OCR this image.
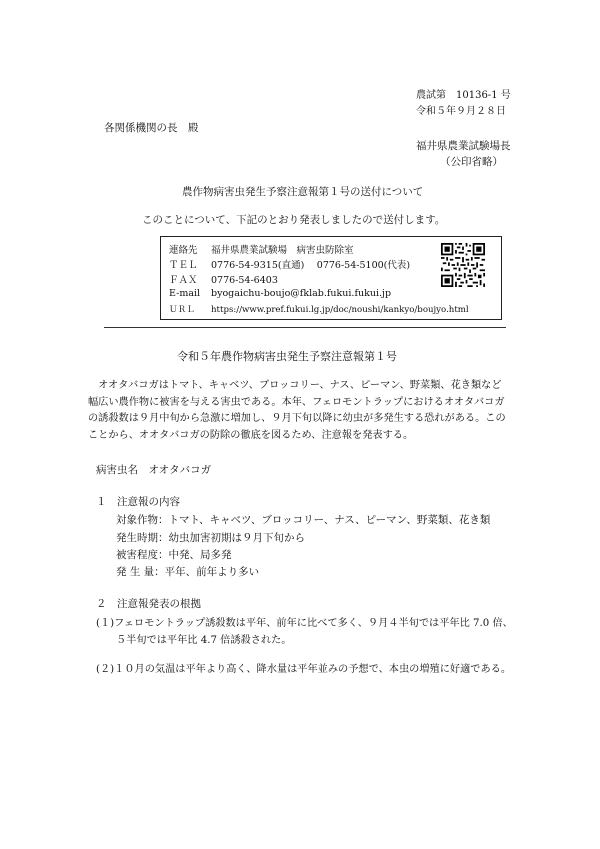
農試第　10136-1 号
令和５年９月２８日
各関係機関の長　殿
福井県農業試験場長
（公印省略）
農作物病害虫発生予察注意報第１号の送付について
このことについて、下記のとおり発表しましたので送付します。
連絡先 福井県農業試験場　病害虫防除室
ＴＥＬ 0776-54-9315(直通)　 0776-54-5100(代表)
ＦＡＸ 0776-54-6403
E-mail byogaichu-boujo@fklab.fukui.fukui.jp
ＵＲＬ https://www.pref.fukui.lg.jp/doc/noushi/kankyo/boujyo.html
令和５年農作物病害虫発生予察注意報第１号
オオタバコガはトマト、キャベツ、ブロッコリー、ナス、ピーマン、野菜類、花き類など幅広い農作物に被害を与える害虫である。本年、フェロモントラップにおけるオオタバコガの誘殺数は９月中旬から急激に増加し、９月下旬以降に幼虫が多発生する恐れがある。このことから、オオタバコガの防除の徹底を図るため、注意報を発表する。
病害虫名　オオタバコガ
１　注意報の内容
対象作物：トマト、キャベツ、ブロッコリー、ナス、ピーマン、野菜類、花き類
発生時期：幼虫加害初期は９月下旬から
被害程度：中発、局多発
発 生 量：平年、前年より多い
２　注意報発表の根拠
(１)フェロモントラップ誘殺数は平年、前年に比べて多く、９月４半旬では平年比 7.0 倍、
５半旬では平年比 4.7 倍誘殺された。
(２)１０月の気温は平年より高く、降水量は平年並みの予想で、本虫の増殖に好適である。
